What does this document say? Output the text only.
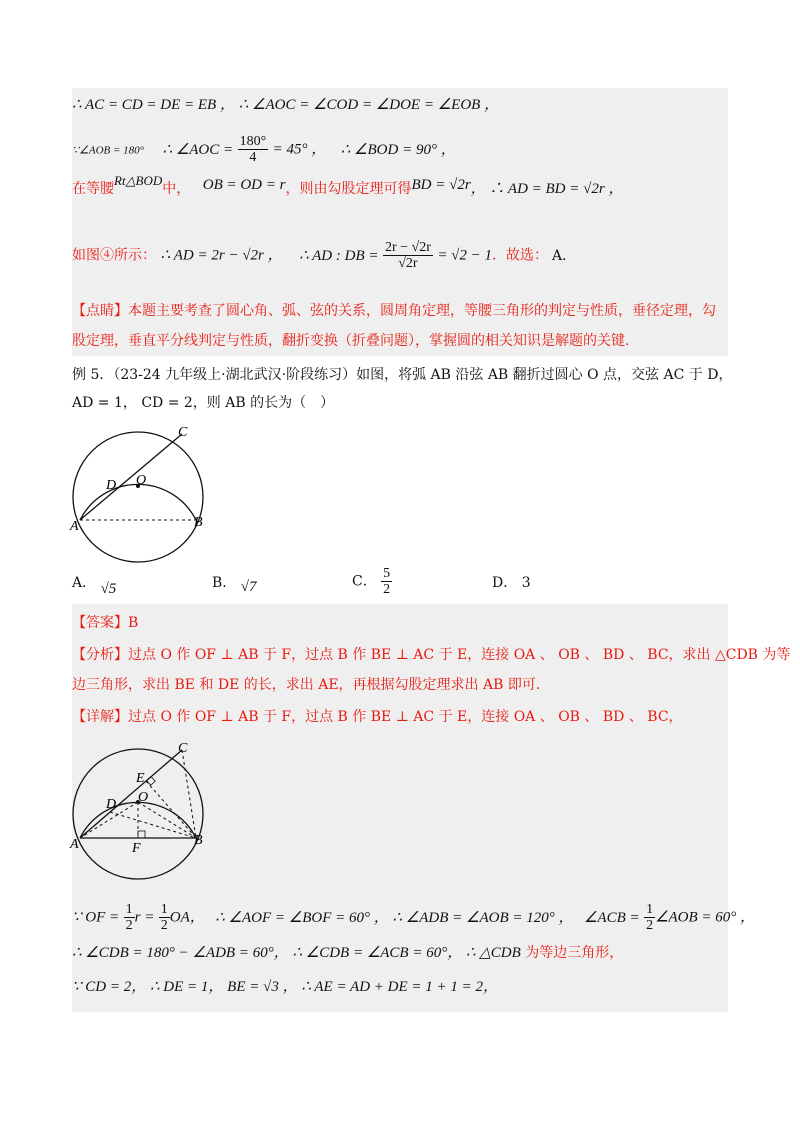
∴ AC = CD = DE = EB ， ∴ ∠AOC = ∠COD = ∠DOE = ∠EOB ，
∵∠AOB = 180° ∴ ∠AOC = $\frac{180^\circ}{4} = 45^\circ$ ， ∴ ∠BOD = 90° ，
在等腰Rt△BOD中， OB = OD = r，则由勾股定理可得BD = √2r， ∴ AD = BD = √2r ，
如图④所示： ∴ AD = 2r − √2r ， ∴ AD : DB = $\frac{2r - √2r}{√2r} = √2 - 1$．故选： A．
【点睛】本题主要考查了圆心角、弧、弦的关系，圆周角定理，等腰三角形的判定与性质，垂径定理，勾
股定理，垂直平分线判定与性质，翻折变换（折叠问题），掌握圆的相关知识是解题的关键.
例 5．（23-24 九年级上·湖北武汉·阶段练习）如图，将弧 AB 沿弦 AB 翻折过圆心 O 点，交弦 AC 于 D，
AD = 1， CD = 2，则 AB 的长为（　）
C
D O
A	B
A． √5	B． √7	C． $\frac{5}{2}$	D． 3
【答案】B
【分析】过点 O 作 OF ⊥ AB 于 F，过点 B 作 BE ⊥ AC 于 E，连接 OA 、 OB 、 BD 、 BC，求出 △CDB 为等
边三角形，求出 BE 和 DE 的长，求出 AE，再根据勾股定理求出 AB 即可.
【详解】过点 O 作 OF ⊥ AB 于 F，过点 B 作 BE ⊥ AC 于 E，连接 OA 、 OB 、 BD 、 BC，
C
E
D O
A	F
B
∵ OF = $\frac{1}{2}$ $r = \frac{1}{2}$ OA， ∴ ∠AOF = ∠BOF = 60° ， ∴ ∠ADB = ∠AOB = 120° ， ∠ACB = $\frac{1}{2}$ ∠AOB = 60° ，
∴ ∠CDB = 180° − ∠ADB = 60°， ∴ ∠CDB = ∠ACB = 60°， ∴ △CDB 为等边三角形，
∵ CD = 2， ∴ DE = 1， BE = √3 ， ∴ AE = AD + DE = 1 + 1 = 2，
